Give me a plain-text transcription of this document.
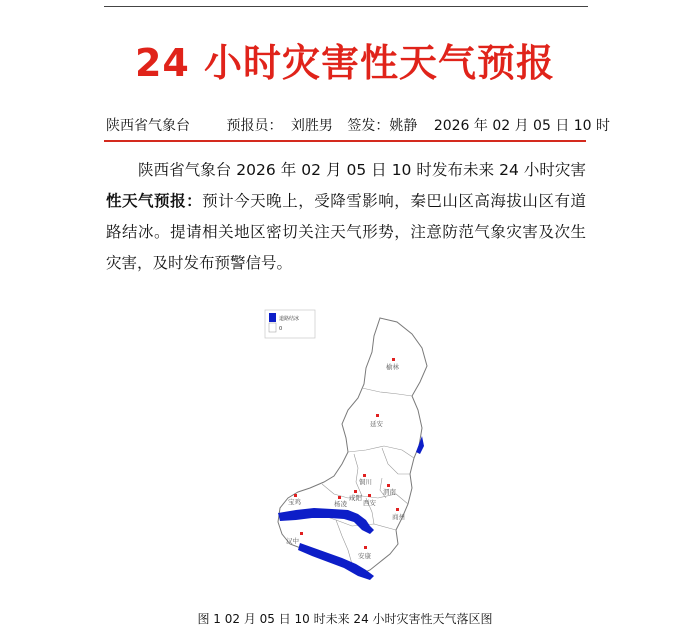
24 小时灾害性天气预报
陕西省气象台	预报员： 刘胜男 签发：姚静 2026 年 02 月 05 日 10 时
陕西省气象台 2026 年 02 月 05 日 10 时发布未来 24 小时灾害性天气预报：预计今天晚上，受降雪影响，秦巴山区高海拔山区有道路结冰。提请相关地区密切关注天气形势，注意防范气象灾害及次生灾害，及时发布预警信号。
道路结冰
0
榆林
延安
铜川
渭南
咸阳
宝鸡	杨凌 西安
商州
汉中
安康
图 1 02 月 05 日 10 时未来 24 小时灾害性天气落区图
